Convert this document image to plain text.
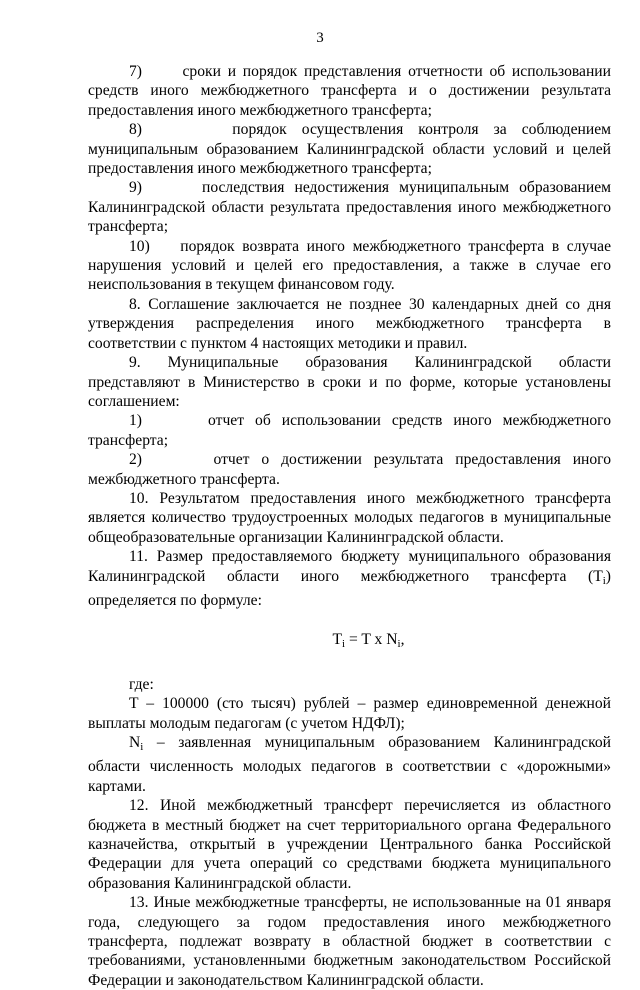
3

7)      сроки и порядок представления отчетности об использовании средств иного межбюджетного трансферта и о достижении результата предоставления иного межбюджетного трансферта;

8)      порядок осуществления контроля за соблюдением муниципальным образованием Калининградской области условий и целей предоставления иного межбюджетного трансферта;

9)      последствия недостижения муниципальным образованием Калининградской области результата предоставления иного межбюджетного трансферта;

10)    порядок возврата иного межбюджетного трансферта в случае нарушения условий и целей его предоставления, а также в случае его неиспользования в текущем финансовом году.

8. Соглашение заключается не позднее 30 календарных дней со дня утверждения распределения иного межбюджетного трансферта в соответствии с пунктом 4 настоящих методики и правил.

9. Муниципальные образования Калининградской области представляют в Министерство в сроки и по форме, которые установлены соглашением:

1)      отчет об использовании средств иного межбюджетного трансферта;

2)      отчет о достижении результата предоставления иного межбюджетного трансферта.

10. Результатом предоставления иного межбюджетного трансферта является количество трудоустроенных молодых педагогов в муниципальные общеобразовательные организации Калининградской области.

11. Размер предоставляемого бюджету муниципального образования Калининградской области иного межбюджетного трансферта $(T_i)$ определяется по формуле:

$T_i = T$ x $N_i$,

где:

T – 100000 (сто тысяч) рублей – размер единовременной денежной выплаты молодым педагогам (с учетом НДФЛ);

$N_i$ – заявленная муниципальным образованием Калининградской области численность молодых педагогов в соответствии с «дорожными» картами.

12. Иной межбюджетный трансферт перечисляется из областного бюджета в местный бюджет на счет территориального органа Федерального казначейства, открытый в учреждении Центрального банка Российской Федерации для учета операций со средствами бюджета муниципального образования Калининградской области.

13. Иные межбюджетные трансферты, не использованные на 01 января года, следующего за годом предоставления иного межбюджетного трансферта, подлежат возврату в областной бюджет в соответствии с требованиями, установленными бюджетным законодательством Российской Федерации и законодательством Калининградской области.
